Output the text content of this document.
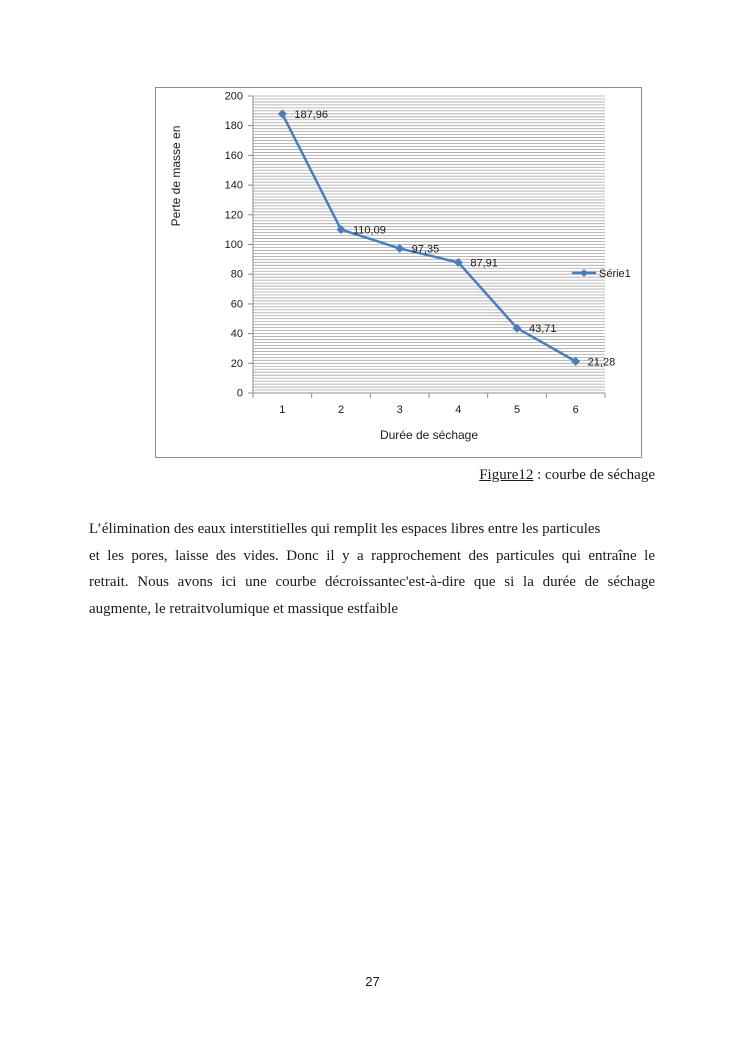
0
20
40
60
80
100
120
140
160
180
200
1	2	3	4	5	6
Durée de séchage
Perte de masse en
187,96
110,09
97,35
87,91
43,71
21,28
Série1
Figure12 : courbe de séchage
L’élimination des eaux interstitielles qui remplit les espaces libres entre les particules
et les pores, laisse des vides. Donc il y a rapprochement des particules qui entraîne le
retrait. Nous avons ici une courbe décroissantec'est-à-dire que si la durée de séchage
augmente, le retraitvolumique et massique estfaible
27
